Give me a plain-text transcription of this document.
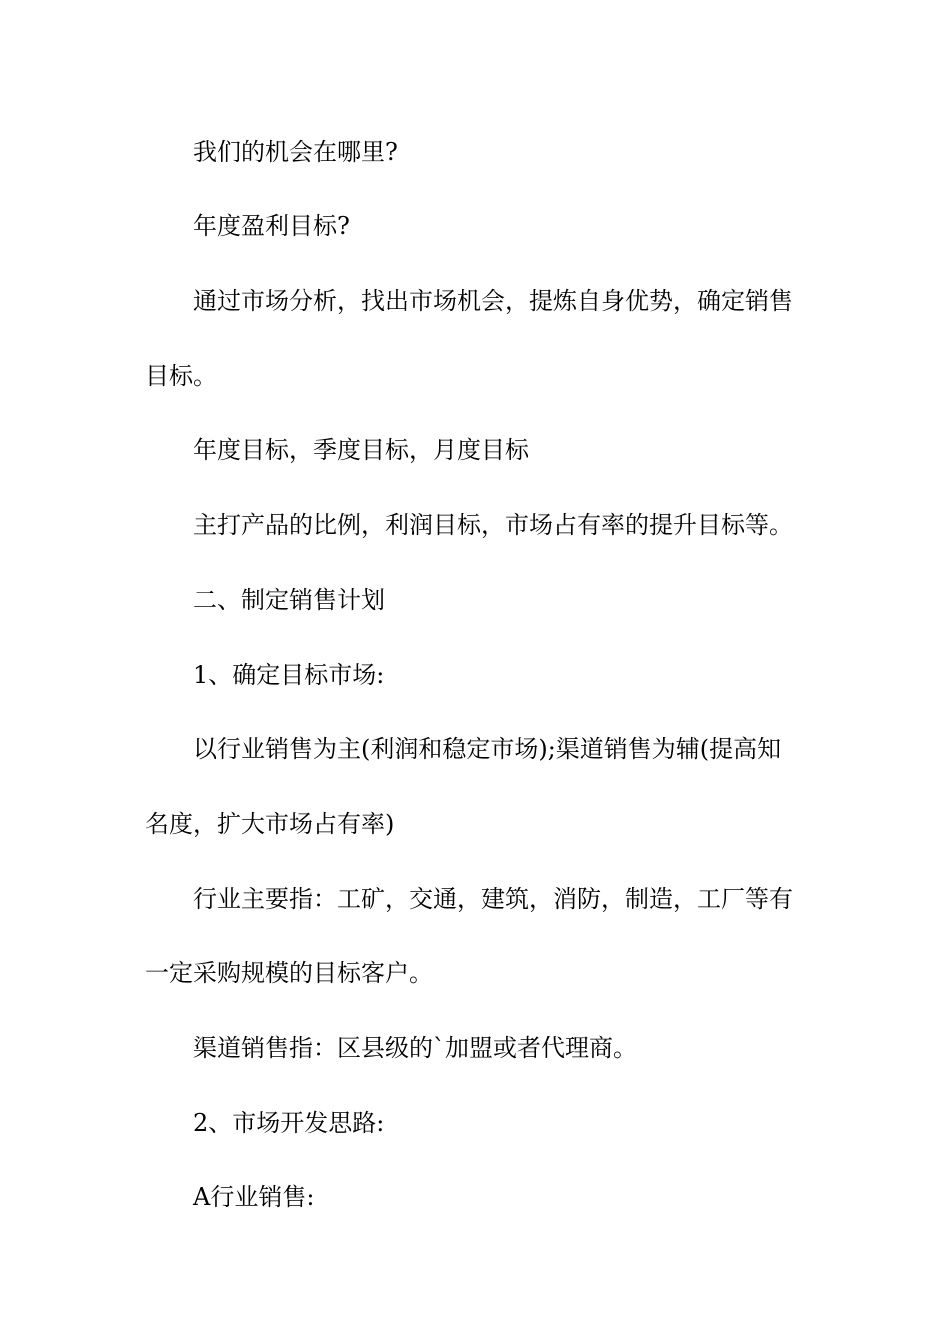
我们的机会在哪里?
年度盈利目标?
通过市场分析，找出市场机会，提炼自身优势，确定销售
目标。
年度目标，季度目标，月度目标
主打产品的比例，利润目标，市场占有率的提升目标等。
二、制定销售计划
1、确定目标市场:
以行业销售为主(利润和稳定市场);渠道销售为辅(提高知
名度，扩大市场占有率)
行业主要指：工矿，交通，建筑，消防，制造，工厂等有
一定采购规模的目标客户。
渠道销售指：区县级的`加盟或者代理商。
2、市场开发思路:
A行业销售:
